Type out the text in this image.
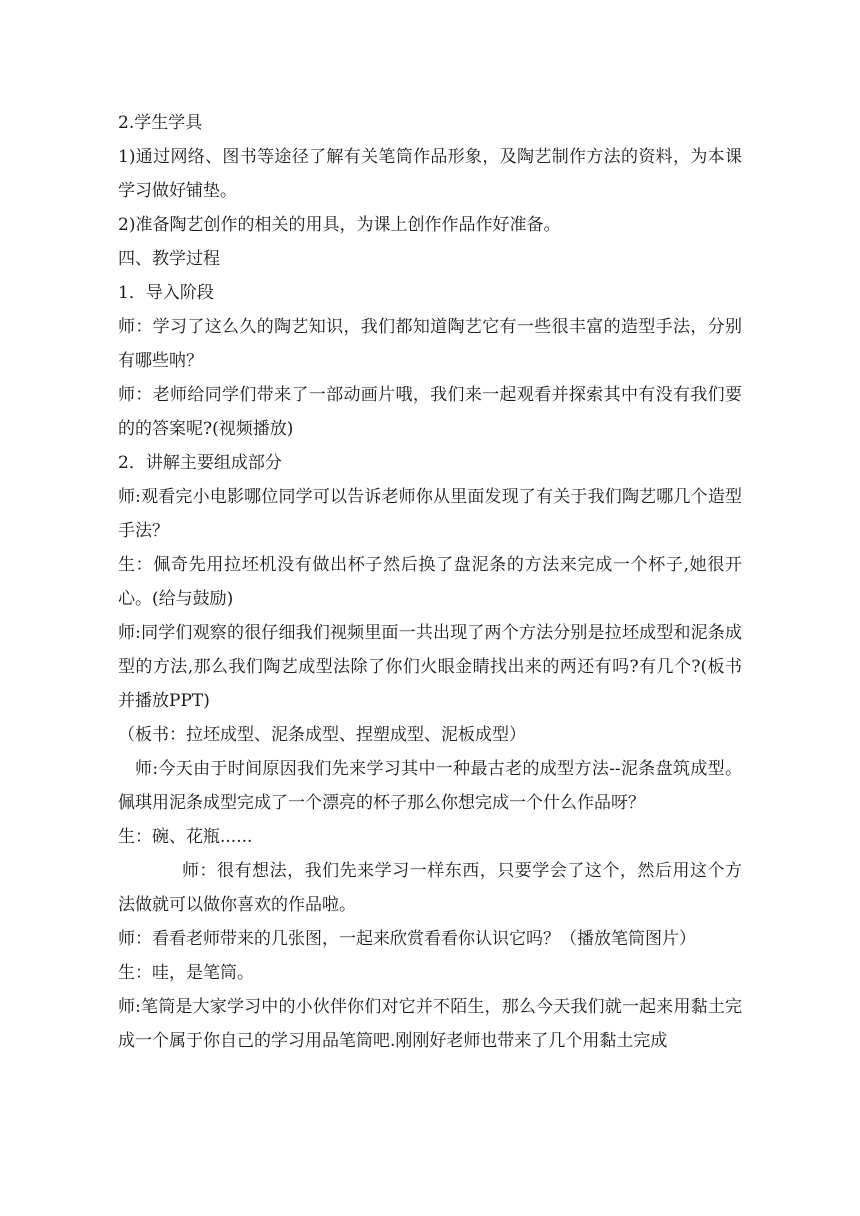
2.学生学具

1)通过网络、图书等途径了解有关笔筒作品形象，及陶艺制作方法的资料，为本课学习做好铺垫。

2)准备陶艺创作的相关的用具，为课上创作作品作好准备。

四、教学过程

1．导入阶段

师：学习了这么久的陶艺知识，我们都知道陶艺它有一些很丰富的造型手法，分别有哪些呐？

师：老师给同学们带来了一部动画片哦，我们来一起观看并探索其中有没有我们要的的答案呢?(视频播放)

2．讲解主要组成部分

师:观看完小电影哪位同学可以告诉老师你从里面发现了有关于我们陶艺哪几个造型手法？

生：佩奇先用拉坯机没有做出杯子然后换了盘泥条的方法来完成一个杯子,她很开心。(给与鼓励)

师:同学们观察的很仔细我们视频里面一共出现了两个方法分别是拉坯成型和泥条成型的方法,那么我们陶艺成型法除了你们火眼金睛找出来的两还有吗?有几个?(板书并播放PPT)

（板书：拉坯成型、泥条成型、捏塑成型、泥板成型）

师:今天由于时间原因我们先来学习其中一种最古老的成型方法--泥条盘筑成型。佩琪用泥条成型完成了一个漂亮的杯子那么你想完成一个什么作品呀？

生：碗、花瓶......

师：很有想法，我们先来学习一样东西，只要学会了这个，然后用这个方法做就可以做你喜欢的作品啦。

师：看看老师带来的几张图，一起来欣赏看看你认识它吗？（播放笔筒图片）

生：哇，是笔筒。

师:笔筒是大家学习中的小伙伴你们对它并不陌生，那么今天我们就一起来用黏土完成一个属于你自己的学习用品笔筒吧.刚刚好老师也带来了几个用黏土完成
